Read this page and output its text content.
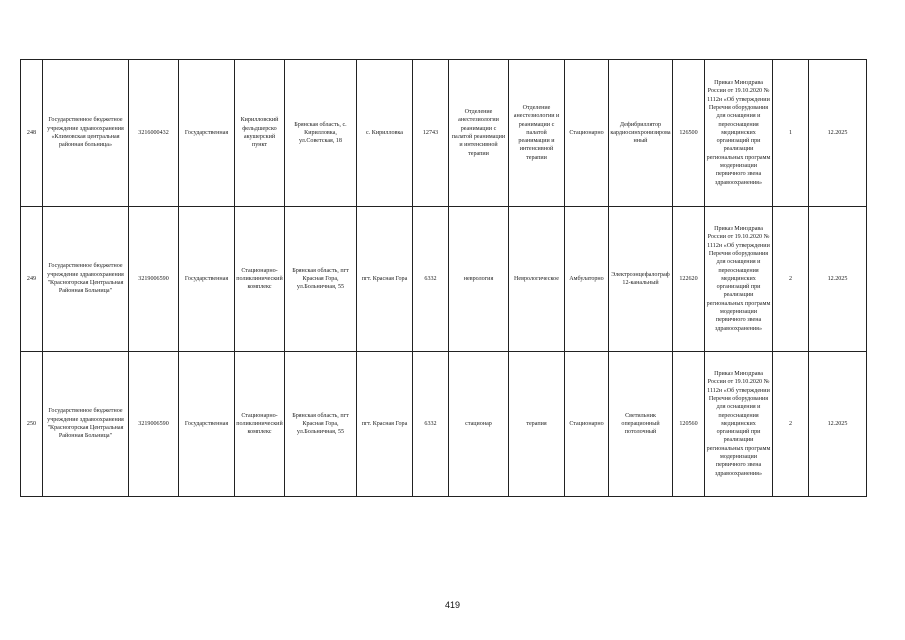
248	Государственное бюджетное учреждение здравоохранения «Климовская центральная районная больница»	3216000432	Государственная	Кирилловский фельдшерско акушерский пункт	Брянская область, с. Кирилловка, ул.Советская, 18	с. Кирилловка	12743	Отделение анестезиологии реанимации с палатой реанимации и интенсивной терапии	Отделение анестезиологии и реанимации с палатой реанимации и интенсивной терапии	Стационарно	Дефибриллятор кардиосинхронизированный	126500	Приказ Минздрава России от 19.10.2020 № 1112н «Об утверждении Перечня оборудования для оснащения и переоснащения медицинских организаций при реализации региональных программ модернизации первичного звена здравоохранения»	1	12.2025
249	Государственное бюджетное учреждение здравоохранения "Красногорская Центральная Районная Больница"	3219006590	Государственная	Стационарно-поликлинический комплекс	Брянская область, пгт Красная Гора, ул.Больничная, 55	пгт. Красная Гора	6332	неврология	Неврологическое	Амбулаторно	Электроэнцефалограф 12-канальный	122620	Приказ Минздрава России от 19.10.2020 № 1112н «Об утверждении Перечня оборудования для оснащения и переоснащения медицинских организаций при реализации региональных программ модернизации первичного звена здравоохранения»	2	12.2025
250	Государственное бюджетное учреждение здравоохранения "Красногорская Центральная Районная Больница"	3219006590	Государственная	Стационарно-поликлинический комплекс	Брянская область, пгт Красная Гора, ул.Больничная, 55	пгт. Красная Гора	6332	стационар	терапия	Стационарно	Светильник операционный потолочный	120560	Приказ Минздрава России от 19.10.2020 № 1112н «Об утверждении Перечня оборудования для оснащения и переоснащения медицинских организаций при реализации региональных программ модернизации первичного звена здравоохранения»	2	12.2025
419
